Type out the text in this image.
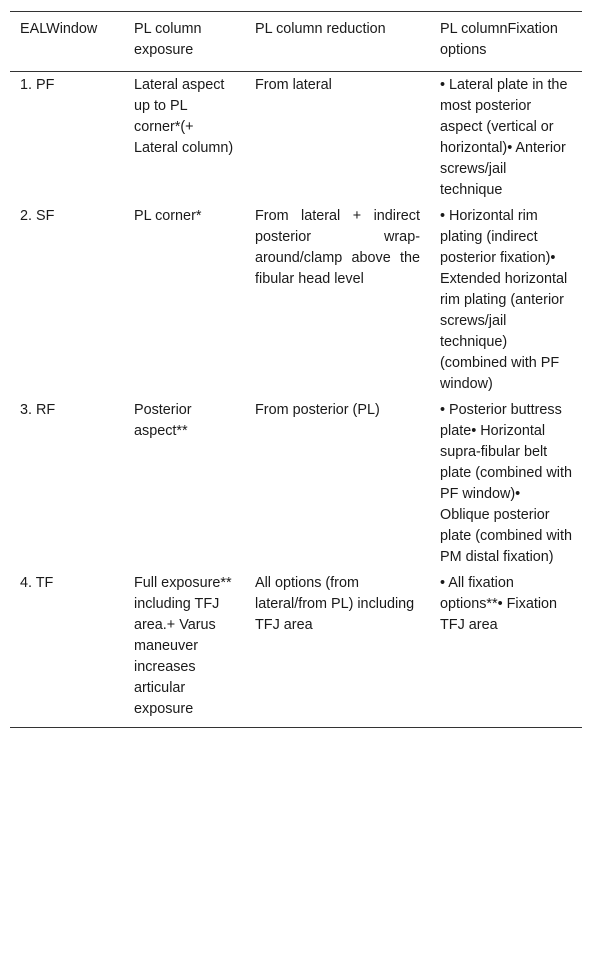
EALWindow	PL column exposure	PL column reduction	PL columnFixation options
1. PF	Lateral aspect up to PL corner*(+ Lateral column)	From lateral	• Lateral plate in the most posterior aspect (vertical or horizontal)• Anterior screws/jail technique
2. SF	PL corner*	From lateral + indirect posterior wrap-around/clamp above the fibular head level	• Horizontal rim plating (indirect posterior fixation)• Extended horizontal rim plating (anterior screws/jail technique) (combined with PF window)
3. RF	Posterior aspect**	From posterior (PL)	• Posterior buttress plate• Horizontal supra-fibular belt plate (combined with PF window)• Oblique posterior plate (combined with PM distal fixation)
4. TF	Full exposure** including TFJ area.+ Varus maneuver increases articular exposure	All options (from lateral/from PL) including TFJ area	• All fixation options**• Fixation TFJ area
